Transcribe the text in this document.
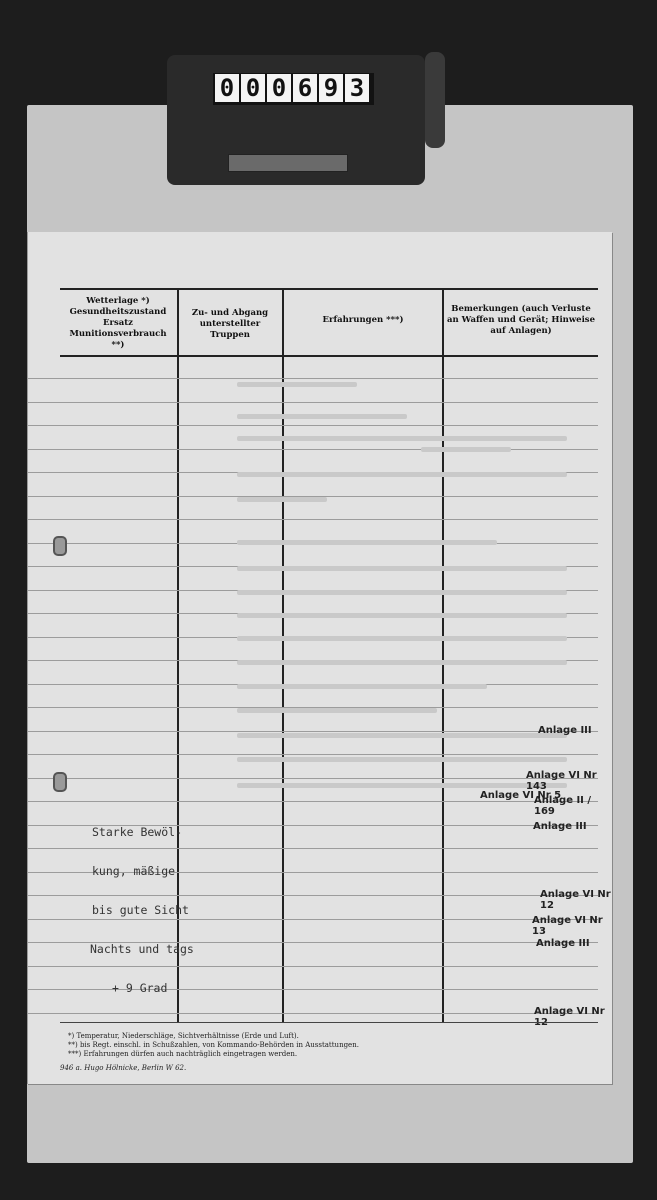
0 0 0 6 9 3
Wetterlage *) Gesundheitszustand Ersatz Munitionsverbrauch **)
Zu- und Abgang unterstellter Truppen
Erfahrungen ***)
Bemerkungen (auch Verluste an Waffen und Gerät; Hinweise auf Anlagen)

Starke Bewöl-

kung, mäßige

bis gute Sicht

Nachts und tags

+ 9 Grad

Anlage III
Anlage VI Nr 143
Anlage VI Nr 5
Anlage II / 169
Anlage III
Anlage VI Nr 12
Anlage VI Nr 13
Anlage III
Anlage VI Nr
*) Temperatur, Niederschläge, Sichtverhältnisse (Erde und Luft).
**) bis Regt. einschl. in Schußzahlen, von Kommando-Behörden in Ausstattungen.
***) Erfahrungen dürfen auch nachträglich eingetragen werden.
946 a. Hugo Hölnicke, Berlin W 62.
